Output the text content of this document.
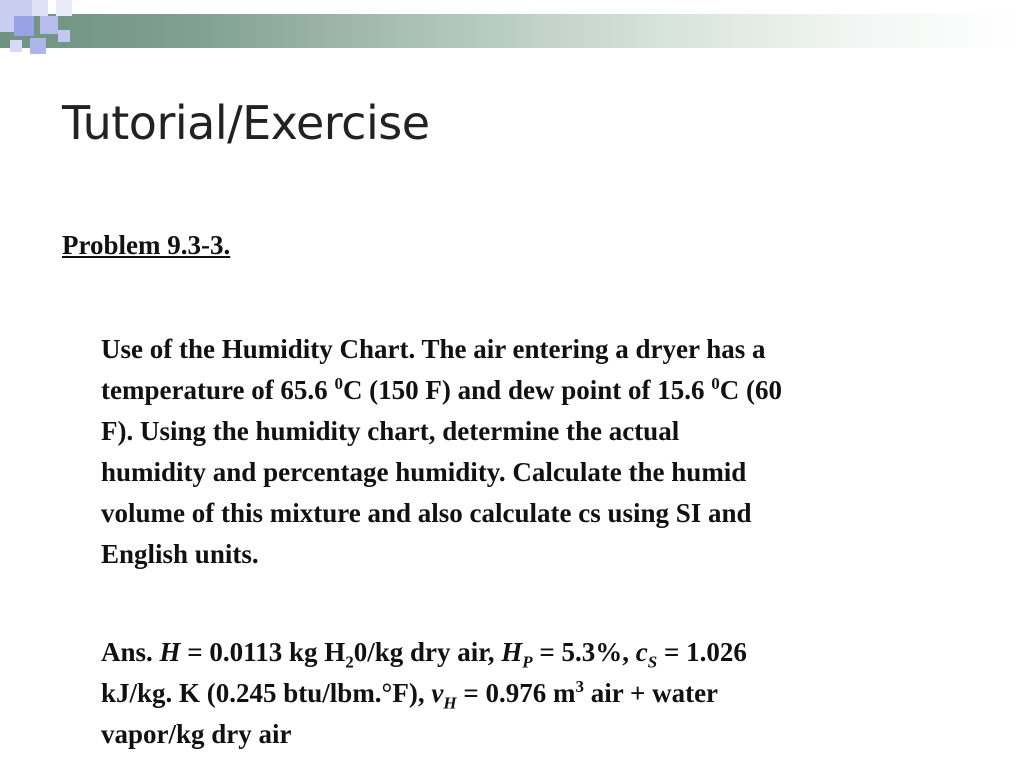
Tutorial/Exercise

Problem 9.3-3.

Use of the Humidity Chart. The air entering a dryer has a
temperature of 65.6 $^0$C (150 F) and dew point of 15.6 $^0$C (60
F). Using the humidity chart, determine the actual
humidity and percentage humidity. Calculate the humid
volume of this mixture and also calculate cs using SI and
English units.

Ans. H = 0.0113 kg $H_20/kg$ dry air, $H_P = 5.3\%$, $c_S = 1.026$
kJ/kg. K (0.245 btu/lbm.°F), $v_H = 0.976$ $m^3$ air + water
vapor/kg dry air
